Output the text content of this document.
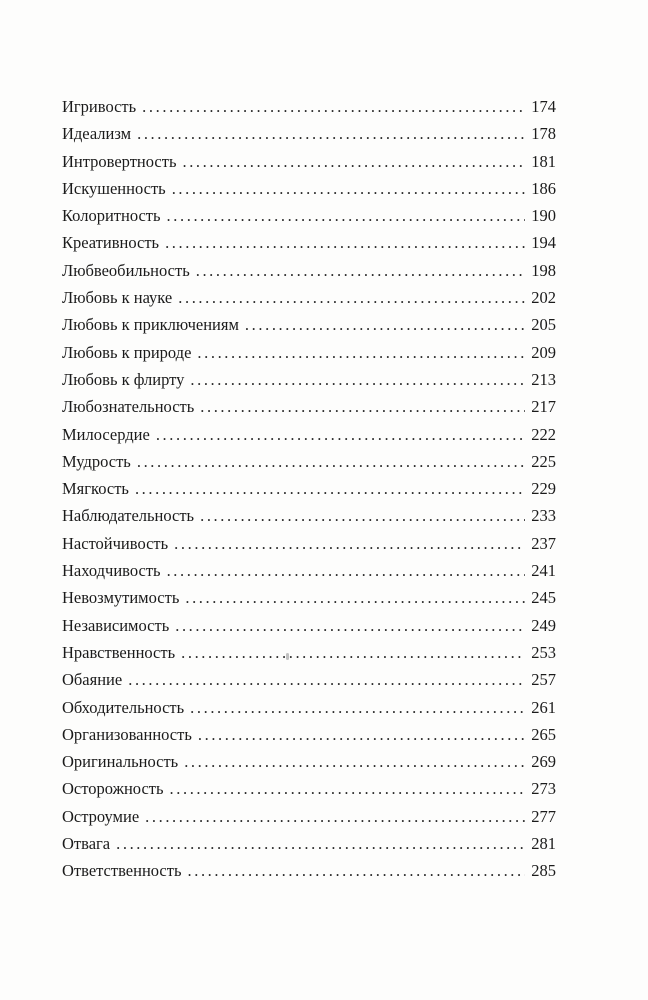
Игривость .....	174
Идеализм .....	178
Интровертность .....	181
Искушенность .....	186
Колоритность .....	190
Креативность .....	194
Любвеобильность .....	198
Любовь к науке .....	202
Любовь к приключениям .....	205
Любовь к природе .....	209
Любовь к флирту .....	213
Любознательность .....	217
Милосердие .....	222
Мудрость .....	225
Мягкость .....	229
Наблюдательность .....	233
Настойчивость .....	237
Находчивость .....	241
Невозмутимость .....	245
Независимость .....	249
Нравственность .....	253
Обаяние .....	257
Обходительность .....	261
Организованность .....	265
Оригинальность .....	269
Осторожность .....	273
Остроумие .....	277
Отвага .....	281
Ответственность .....	285
